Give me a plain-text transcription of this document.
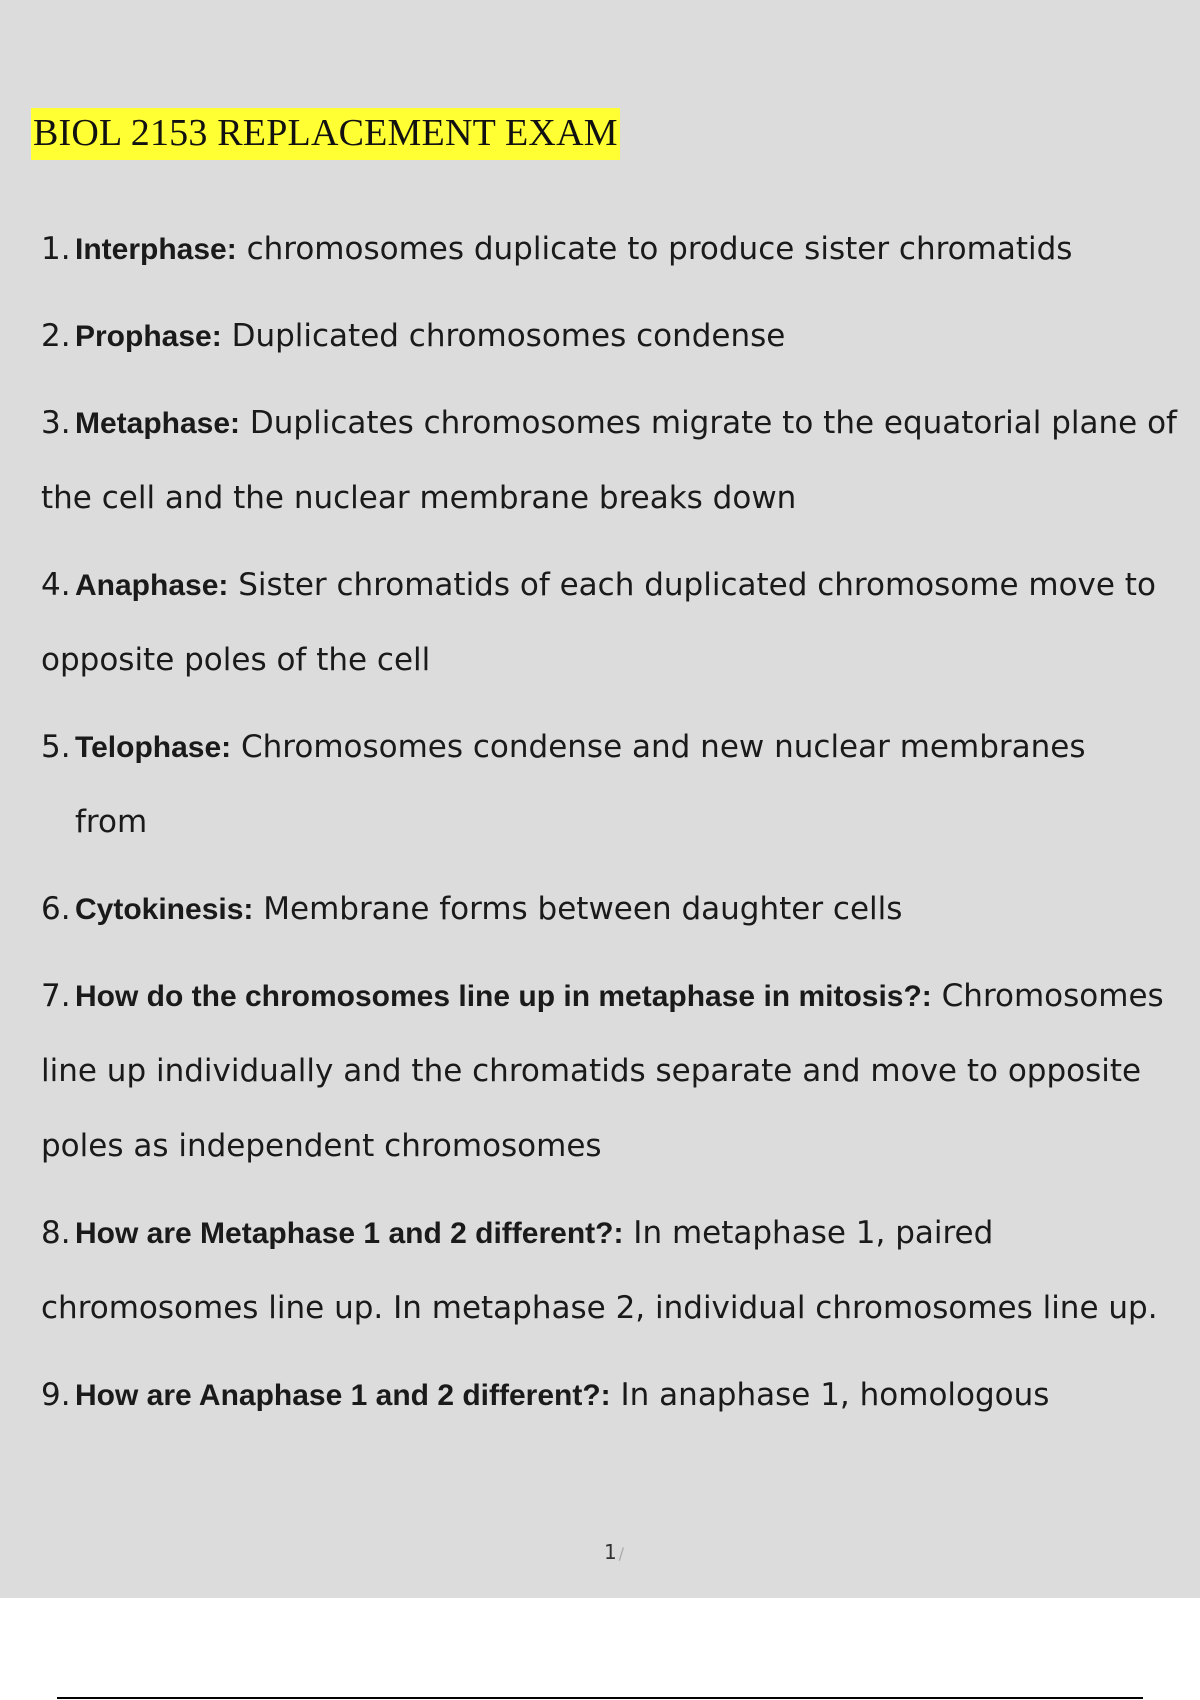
BIOL 2153 REPLACEMENT EXAM
1. Interphase: chromosomes duplicate to produce sister chromatids
2. Prophase: Duplicated chromosomes condense
3. Metaphase: Duplicates chromosomes migrate to the equatorial plane of the cell and the nuclear membrane breaks down
4. Anaphase: Sister chromatids of each duplicated chromosome move to opposite poles of the cell
5. Telophase: Chromosomes condense and new nuclear membranes
from
6. Cytokinesis: Membrane forms between daughter cells
7. How do the chromosomes line up in metaphase in mitosis?: Chromosomes line up individually and the chromatids separate and move to opposite poles as independent chromosomes
8. How are Metaphase 1 and 2 different?: In metaphase 1, paired chromosomes line up. In metaphase 2, individual chromosomes line up.
9. How are Anaphase 1 and 2 different?: In anaphase 1, homologous
1 /
